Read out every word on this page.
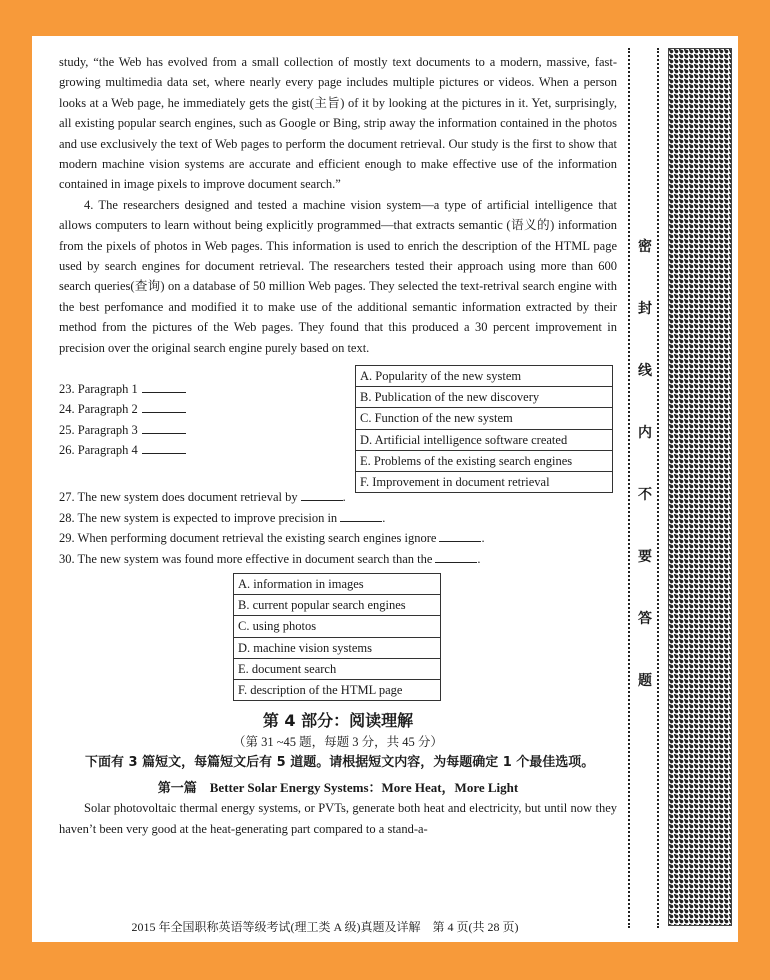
study, “the Web has evolved from a small collection of mostly text documents to a modern, massive, fast-growing multimedia data set, where nearly every page includes multiple pictures or videos. When a person looks at a Web page, he immediately gets the gist(主旨) of it by looking at the pictures in it. Yet, surprisingly, all existing popular search engines, such as Google or Bing, strip away the information contained in the photos and use exclusively the text of Web pages to perform the document retrieval. Our study is the first to show that modern machine vision systems are accurate and efficient enough to make effective use of the information contained in image pixels to improve document search.”

4. The researchers designed and tested a machine vision system—a type of artificial intelligence that allows computers to learn without being explicitly programmed—that extracts semantic (语义的) information from the pixels of photos in Web pages. This information is used to enrich the description of the HTML page used by search engines for document retrieval. The researchers tested their approach using more than 600 search queries(查询) on a database of 50 million Web pages. They selected the text-retrival search engine with the best perfomance and modified it to make use of the additional semantic information extracted by their method from the pictures of the Web pages. They found that this produced a 30 percent improvement in precision over the original search engine purely based on text.

23. Paragraph 1
24. Paragraph 2
25. Paragraph 3
26. Paragraph 4
A. Popularity of the new system
B. Publication of the new discovery
C. Function of the new system
D. Artificial intelligence software created
E. Problems of the existing search engines
F. Improvement in document retrieval
27. The new system does document retrieval by	.
28. The new system is expected to improve precision in	.
29. When performing document retrieval the existing search engines ignore	.
30. The new system was found more effective in document search than the	.
A. information in images
B. current popular search engines
C. using photos
D. machine vision systems
E. document search
F. description of the HTML page
第 4 部分：阅读理解
（第 31 ~45 题，每题 3 分，共 45 分）

下面有 3 篇短文，每篇短文后有 5 道题。请根据短文内容，为每题确定 1 个最佳选项。

第一篇　Better Solar Energy Systems：More Heat，More Light

Solar photovoltaic thermal energy systems, or PVTs, generate both heat and electricity, but until now they haven’t been very good at the heat-generating part compared to a stand-a-

2015 年全国职称英语等级考试(理工类 A 级)真题及详解　第 4 页(共 28 页)
密
封
线
内
不
要
答
题
